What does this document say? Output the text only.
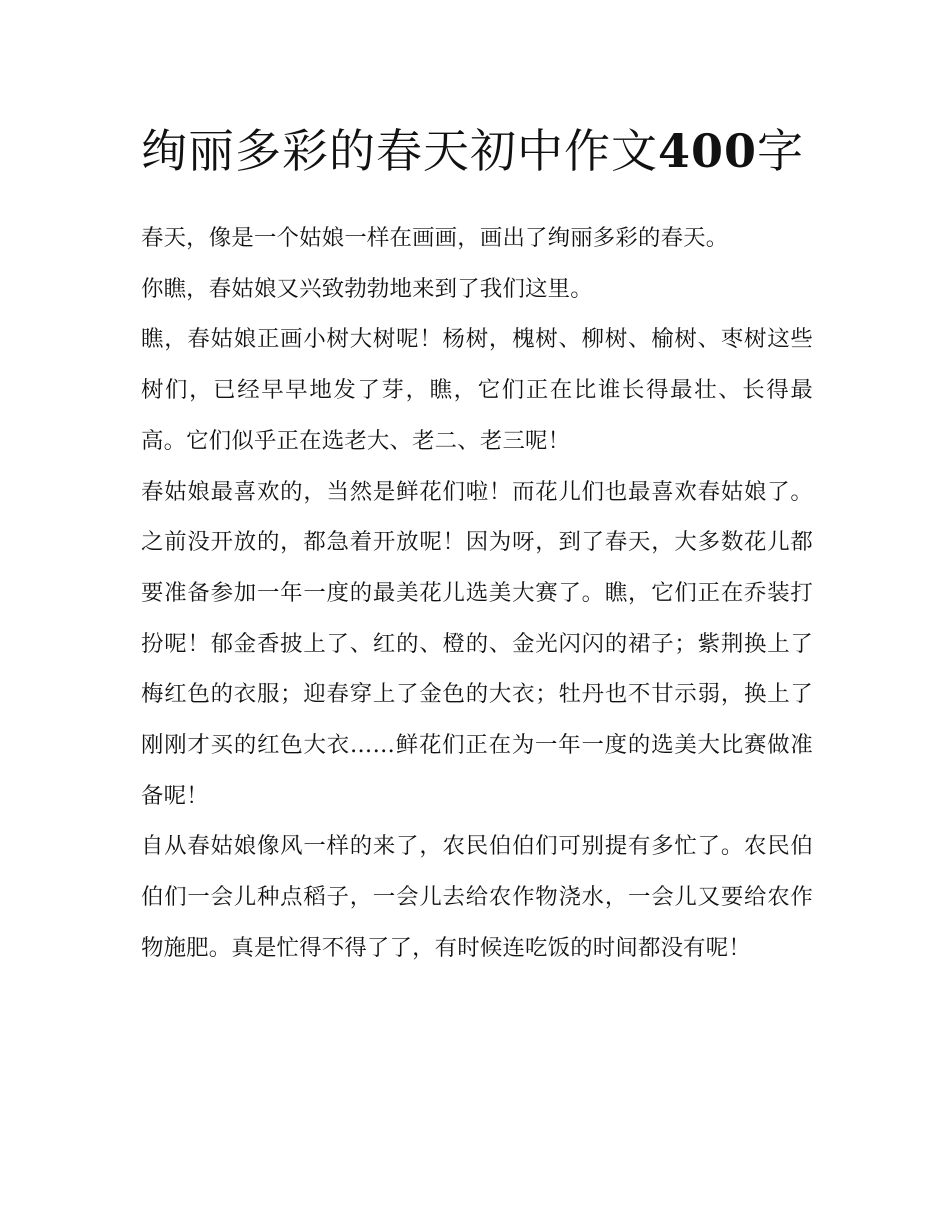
绚丽多彩的春天初中作文400字

春天，像是一个姑娘一样在画画，画出了绚丽多彩的春天。

你瞧，春姑娘又兴致勃勃地来到了我们这里。

瞧，春姑娘正画小树大树呢！杨树，槐树、柳树、榆树、枣树这些树们，已经早早地发了芽，瞧，它们正在比谁长得最壮、长得最高。它们似乎正在选老大、老二、老三呢！

春姑娘最喜欢的，当然是鲜花们啦！而花儿们也最喜欢春姑娘了。之前没开放的，都急着开放呢！因为呀，到了春天，大多数花儿都要准备参加一年一度的最美花儿选美大赛了。瞧，它们正在乔装打扮呢！郁金香披上了、红的、橙的、金光闪闪的裙子；紫荆换上了梅红色的衣服；迎春穿上了金色的大衣；牡丹也不甘示弱，换上了刚刚才买的红色大衣……鲜花们正在为一年一度的选美大比赛做准备呢！

自从春姑娘像风一样的来了，农民伯伯们可别提有多忙了。农民伯伯们一会儿种点稻子，一会儿去给农作物浇水，一会儿又要给农作物施肥。真是忙得不得了了，有时候连吃饭的时间都没有呢！
